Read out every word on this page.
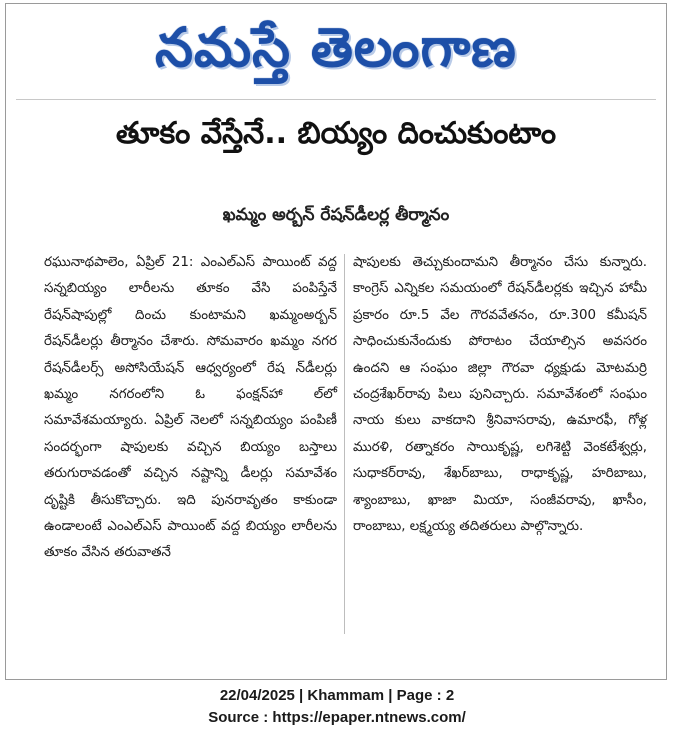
నమస్తే తెలంగాణ
తూకం వేస్తేనే.. బియ్యం దించుకుంటాం
ఖమ్మం అర్బన్ రేషన్‌డీలర్ల తీర్మానం

రఘునాథపాలెం, ఏప్రిల్ 21: ఎంఎల్ఎస్ పాయింట్ వద్ద సన్నబియ్యం లారీలను తూకం వేసి పంపిస్తేనే రేషన్‌షాపుల్లో దించు కుంటామని ఖమ్మంఅర్బన్ రేషన్‌డీలర్లు తీర్మానం చేశారు. సోమవారం ఖమ్మం నగర రేషన్‌డీలర్స్ అసోసియేషన్ ఆధ్వర్యంలో రేష న్‌డీలర్లు ఖమ్మం నగరంలోని ఓ ఫంక్షన్‌హా ల్‌లో సమావేశమయ్యారు. ఏప్రిల్ నెలలో సన్నబియ్యం పంపిణీ సందర్భంగా షాపులకు వచ్చిన బియ్యం బస్తాలు తరుగురావడంతో వచ్చిన నష్టాన్ని డీలర్లు సమావేశం దృష్టికి తీసుకొచ్చారు. ఇది పునరావృతం కాకుండా ఉండాలంటే ఎంఎల్ఎస్ పాయింట్ వద్ద బియ్యం లారీలను తూకం వేసిన తరువాతనే

షాపులకు తెచ్చుకుందామని తీర్మానం చేసు కున్నారు. కాంగ్రెస్ ఎన్నికల సమయంలో రేషన్‌డీలర్లకు ఇచ్చిన హామీ ప్రకారం రూ.5 వేల గౌరవవేతనం, రూ.300 కమీషన్ సాధించుకునేందుకు పోరాటం చేయాల్సిన అవసరం ఉందని ఆ సంఘం జిల్లా గౌరవా ధ్యక్షుడు మోటమర్రి చంద్రశేఖర్‌రావు పిలు పునిచ్చారు. సమావేశంలో సంఘం నాయ కులు వాకదాని శ్రీనివాసరావు, ఉమారఫీ, గోళ్ల మురళి, రత్నాకరం సాయికృష్ణ, లగిశెట్టి వెంకటేశ్వర్లు, సుధాకర్‌రావు, శేఖర్‌బాబు, రాధాకృష్ణ, హరిబాబు, శ్యాంబాబు, ఖాజా మియా, సంజీవరావు, ఖాసీం, రాంబాబు, లక్ష్మయ్య తదితరులు పాల్గొన్నారు.

22/04/2025 | Khammam | Page : 2
Source : https://epaper.ntnews.com/
